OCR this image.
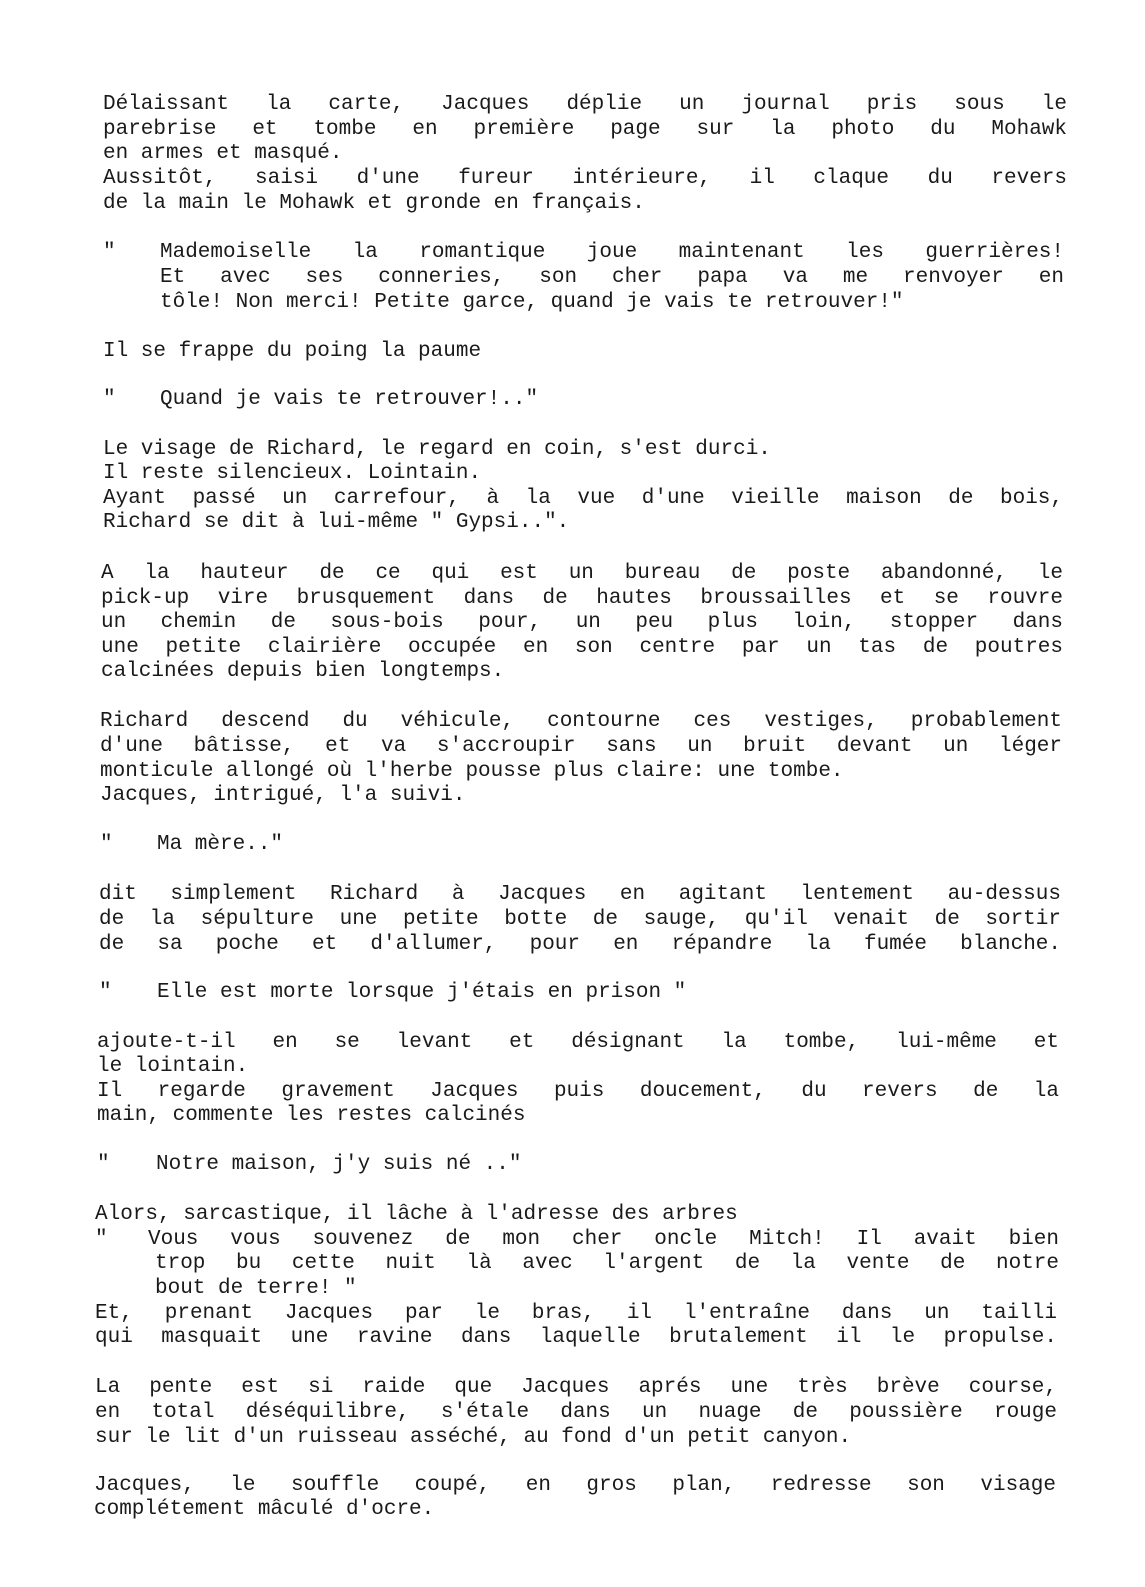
Délaissant la carte, Jacques déplie un journal pris sous le
parebrise et tombe en première page sur la photo du Mohawk
en armes et masqué.
Aussitôt, saisi d'une fureur intérieure, il claque du revers
de la main le Mohawk et gronde en français.
" Mademoiselle la romantique joue maintenant les guerrières!
Et avec ses conneries, son cher papa va me renvoyer en
tôle! Non merci! Petite garce, quand je vais te retrouver!"
Il se frappe du poing la paume
" Quand je vais te retrouver!.."
Le visage de Richard, le regard en coin, s'est durci.
Il reste silencieux. Lointain.
Ayant passé un carrefour, à la vue d'une vieille maison de bois,
Richard se dit à lui-même " Gypsi..".
A la hauteur de ce qui est un bureau de poste abandonné, le
pick-up vire brusquement dans de hautes broussailles et se rouvre
un chemin de sous-bois pour, un peu plus loin, stopper dans
une petite clairière occupée en son centre par un tas de poutres
calcinées depuis bien longtemps.
Richard descend du véhicule, contourne ces vestiges, probablement
d'une bâtisse, et va s'accroupir sans un bruit devant un léger
monticule allongé où l'herbe pousse plus claire: une tombe.
Jacques, intrigué, l'a suivi.
" Ma mère.."
dit simplement Richard à Jacques en agitant lentement au-dessus
de la sépulture une petite botte de sauge, qu'il venait de sortir
de sa poche et d'allumer, pour en répandre la fumée blanche.
" Elle est morte lorsque j'étais en prison "
ajoute-t-il en se levant et désignant la tombe, lui-même et
le lointain.
Il regarde gravement Jacques puis doucement, du revers de la
main, commente les restes calcinés
" Notre maison, j'y suis né .."
Alors, sarcastique, il lâche à l'adresse des arbres
" Vous vous souvenez de mon cher oncle Mitch! Il avait bien
trop bu cette nuit là avec l'argent de la vente de notre
bout de terre! "
Et, prenant Jacques par le bras, il l'entraîne dans un tailli
qui masquait une ravine dans laquelle brutalement il le propulse.
La pente est si raide que Jacques aprés une très brève course,
en total déséquilibre, s'étale dans un nuage de poussière rouge
sur le lit d'un ruisseau asséché, au fond d'un petit canyon.
Jacques, le souffle coupé, en gros plan, redresse son visage
complétement mâculé d'ocre.
